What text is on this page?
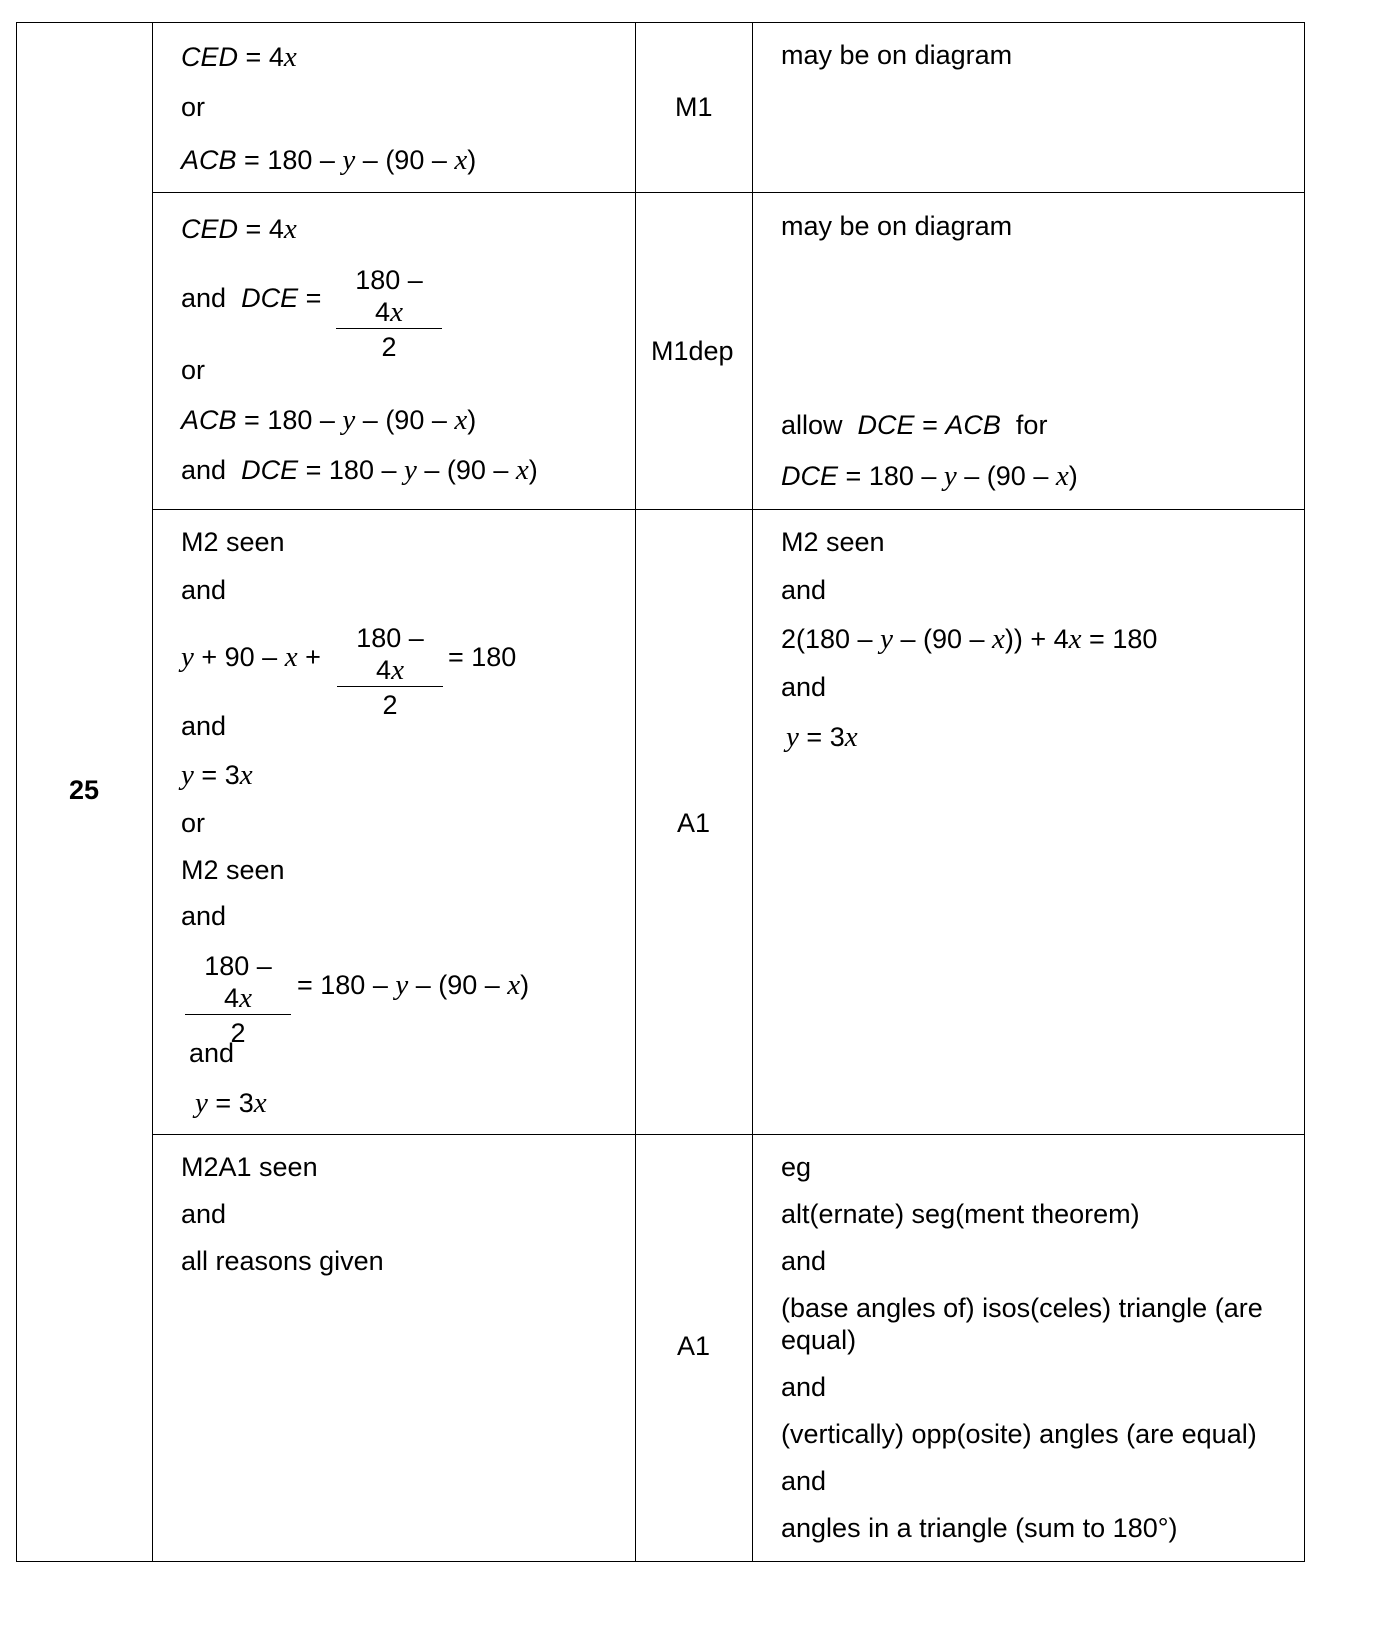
25
CED = 4x
or
ACB = 180 – y – (90 – x)
M1
may be on diagram
CED = 4x
and DCE =
180 – 4x
2
or
ACB = 180 – y – (90 – x)
and DCE = 180 – y – (90 – x)
M1dep
may be on diagram
allow DCE = ACB for
DCE = 180 – y – (90 – x)
M2 seen
and
y + 90 – x +
180 – 4x
2
= 180
and
y = 3x
or
M2 seen
and
180 – 4x
2
= 180 – y – (90 – x)
and
y = 3x
A1
M2 seen
and
2(180 – y – (90 – x)) + 4x = 180
and
y = 3x
M2A1 seen
and
all reasons given
A1
eg
alt(ernate) seg(ment theorem)
and
(base angles of) isos(celes) triangle (are
equal)
and
(vertically) opp(osite) angles (are equal)
and
angles in a triangle (sum to 180°)
